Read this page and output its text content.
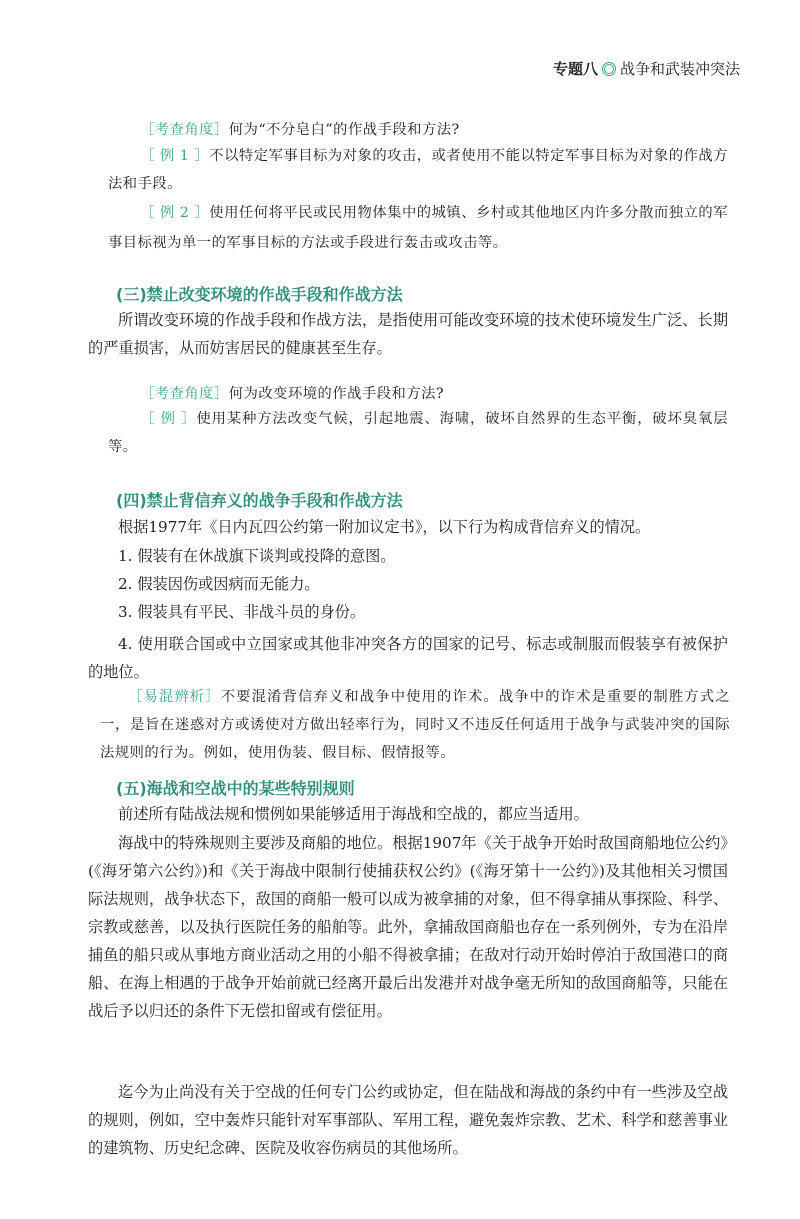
专题八 战争和武装冲突法
［考查角度］何为“不分皂白”的作战手段和方法?
［ 例 1 ］不以特定军事目标为对象的攻击，或者使用不能以特定军事目标为对象的作战方法和手段。
［ 例 2 ］使用任何将平民或民用物体集中的城镇、乡村或其他地区内许多分散而独立的军事目标视为单一的军事目标的方法或手段进行轰击或攻击等。
(三)禁止改变环境的作战手段和作战方法
所谓改变环境的作战手段和作战方法，是指使用可能改变环境的技术使环境发生广泛、长期的严重损害，从而妨害居民的健康甚至生存。
［考查角度］何为改变环境的作战手段和方法?
［ 例 ］使用某种方法改变气候，引起地震、海啸，破坏自然界的生态平衡，破坏臭氧层等。
(四)禁止背信弃义的战争手段和作战方法
根据1977年《日内瓦四公约第一附加议定书》，以下行为构成背信弃义的情况。
1. 假装有在休战旗下谈判或投降的意图。
2. 假装因伤或因病而无能力。
3. 假装具有平民、非战斗员的身份。
4. 使用联合国或中立国家或其他非冲突各方的国家的记号、标志或制服而假装享有被保护的地位。
［易混辨析］不要混淆背信弃义和战争中使用的诈术。战争中的诈术是重要的制胜方式之一，是旨在迷惑对方或诱使对方做出轻率行为，同时又不违反任何适用于战争与武装冲突的国际法规则的行为。例如，使用伪装、假目标、假情报等。
(五)海战和空战中的某些特别规则
前述所有陆战法规和惯例如果能够适用于海战和空战的，都应当适用。
海战中的特殊规则主要涉及商船的地位。根据1907年《关于战争开始时敌国商船地位公约》(《海牙第六公约》)和《关于海战中限制行使捕获权公约》(《海牙第十一公约》)及其他相关习惯国际法规则，战争状态下，敌国的商船一般可以成为被拿捕的对象，但不得拿捕从事探险、科学、宗教或慈善，以及执行医院任务的船舶等。此外，拿捕敌国商船也存在一系列例外，专为在沿岸捕鱼的船只或从事地方商业活动之用的小船不得被拿捕；在敌对行动开始时停泊于敌国港口的商船、在海上相遇的于战争开始前就已经离开最后出发港并对战争毫无所知的敌国商船等，只能在战后予以归还的条件下无偿扣留或有偿征用。
迄今为止尚没有关于空战的任何专门公约或协定，但在陆战和海战的条约中有一些涉及空战的规则，例如，空中轰炸只能针对军事部队、军用工程，避免轰炸宗教、艺术、科学和慈善事业的建筑物、历史纪念碑、医院及收容伤病员的其他场所。
